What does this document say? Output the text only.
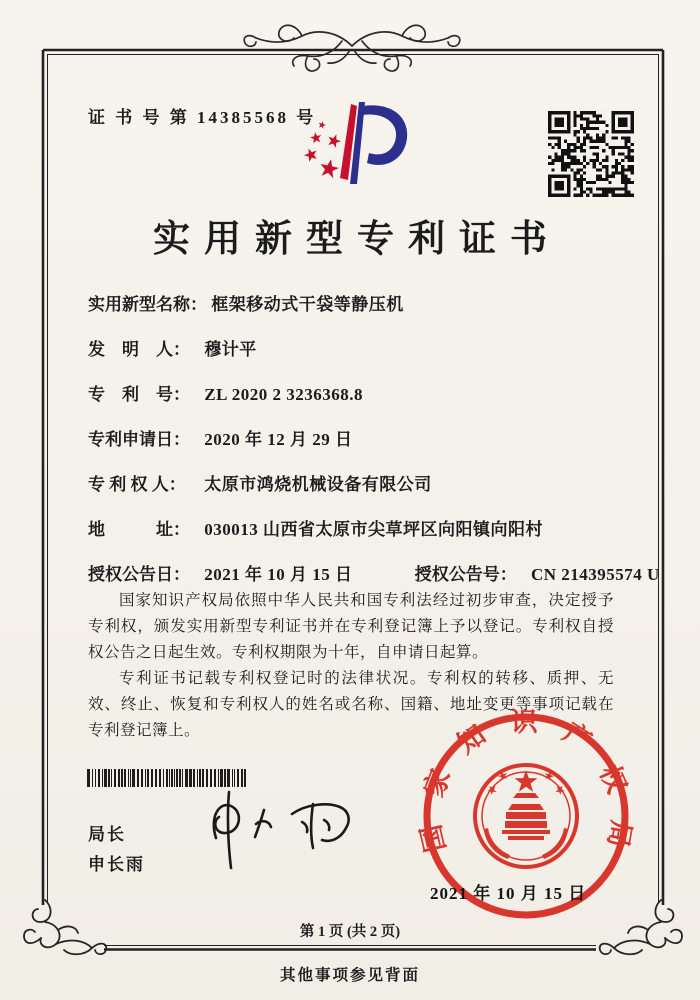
证 书 号 第 14385568 号
实用新型专利证书
实用新型名称： 框架移动式干袋等静压机
发　明　人： 穆计平
专　利　号： ZL 2020 2 3236368.8
专利申请日： 2020 年 12 月 29 日
专 利 权 人： 太原市鸿烧机械设备有限公司
地　　　址： 030013 山西省太原市尖草坪区向阳镇向阳村
授权公告日： 2021 年 10 月 15 日	授权公告号： CN 214395574 U

国家知识产权局依照中华人民共和国专利法经过初步审查，决定授予专利权，颁发实用新型专利证书并在专利登记簿上予以登记。专利权自授权公告之日起生效。专利权期限为十年，自申请日起算。

专利证书记载专利权登记时的法律状况。专利权的转移、质押、无效、终止、恢复和专利权人的姓名或名称、国籍、地址变更等事项记载在专利登记簿上。

局长
申长雨
国家知识产权局
2021 年 10 月 15 日
第 1 页 (共 2 页)
其他事项参见背面
